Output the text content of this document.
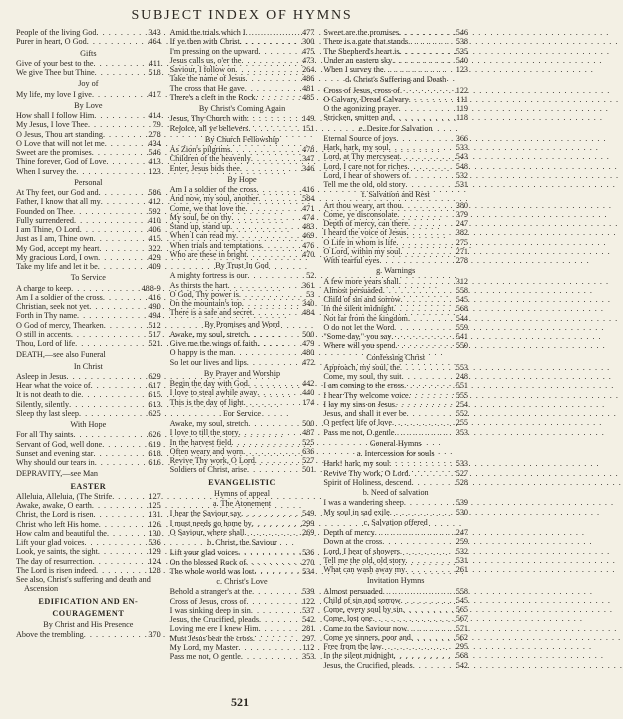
SUBJECT INDEX OF HYMNS
People of the living God . . .	343
Purer in heart, O God . . .	464
Gifts
Give of your best to the . . .	411
We give Thee but Thine . . .	518
Joy of
My life, my love I give . . .	417
By Love
How shall I follow Him . . .	414
My Jesus, I love Thee . . .	79
O Jesus, Thou art standing . . .	278
O Love that will not let me . . .	434
Sweet are the promises . . .	546
Thine forever, God of Love . . .	413
When I survey the . . .	123
Personal
At Thy feet, our God and . . .	586
Father, I know that all my . . .	412
Founded on Thee . . .	592
Fully surrendered . . .	410
I am Thine, O Lord . . .	406
Just as I am, Thine own . . .	415
My God, accept my heart . . .	322
My gracious Lord, I own . . .	429
Take my life and let it be . . .	409
To Service
A charge to keep . . .	488-9
Am I a soldier of the cross . . .	416
Christian, seek not yet . . .	490
Forth in Thy name . . .	494
O God of mercy, Thearken . . .	512
O still in accents . . .	517
Thou, Lord of life . . .	521
DEATH,—see also Funeral
In Christ
Asleep in Jesus . . .	629
Hear what the voice of . . .	617
It is not death to die . . .	615
Silently, silently . . .	613
Sleep thy last sleep . . .	625
With Hope
For all Thy saints . . .	626
Servant of God, well done . . .	619
Sunset and evening star . . .	618
Why should our tears in . . .	616
DEPRAVITY,—see Man
EASTER
Alleluia, Alleluia, (The Strife . . .	127
Awake, awake, O earth . . .	125
Christ, the Lord is risen . . .	131
Christ who left His home . . .	126
How calm and beautiful the . . .	130
Lift your glad voices . . .	536
Look, ye saints, the sight . . .	129
The day of resurrection . . .	124
The Lord is risen indeed . . .	128
See also, Christ's suffering and death and Ascension
EDIFICATION AND EN-
COURAGEMENT
By Christ and His Presence
Above the trembling . . .	370
Amid the trials which I . . .	477
If ye then with Christ . . .	300
I'm pressing on the upward . . .	475
Jesus calls us, o'er the . . .	473
Saviour, I follow on . . .	264
Take the name of Jesus . . .	486
The cross that He gave . . .	481
There's a cleft in the Rock . . .	485
By Christ's Coming Again
Jesus, Thy Church with . . .	149
Rejoice, all ye believers . . .	151
By Church Fellowship
As Zion's pilgrims . . .	478
Children of the heavenly . . .	347
Enter, Jesus bids thee . . .	346
By Hope
Am I a soldier of the cross . . .	416
And now, my soul, another . . .	584
Come, we that love the . . .	471
My soul, be on thy . . .	474
Stand up, stand up . . .	483
When I can read my . . .	469
When trials and temptations . . .	476
Who are these in bright . . .	470
By Trust In God
A mighty fortress is our . . .	52
As thirsts the hart . . .	361
O God, Thy power is . . .	53
On the mountain's top . . .	340
There is a safe and secret . . .	484
By Promises and Word
Awake, my soul, stretch . . .	500
Give me the wings of faith . . .	479
O happy is the man . . .	480
So let our lives and lips . . .	472
By Prayer and Worship
Begin the day with God . . .	442
I love to steal awhile away . . .	440
This is the day of light . . .	174
For Service
Awake, my soul, stretch . . .	500
I love to till the story . . .	487
In the harvest field . . .	525
Often weary and worn . . .	636
Revive Thy work, O Lord . . .	527
Soldiers of Christ, arise . . .	501
EVANGELISTIC
Hymns of appeal
a. The Atonement
I hear the Saviour say . . .	549
I must needs go home by . . .	299
O Saviour, where shall . . .	269
b. Christ, the Saviour
Lift your glad voices . . .	536
On the blessed Rock of . . .	270
The whole world was lost . . .	534
c. Christ's Love
Behold a stranger's at the . . .	539
Cross of Jesus, cross of . . .	122
I was sinking deep in sin . . .	537
Jesus, the Crucified, pleads . . .	542
Loving me ere I knew Him . . .	281
Must Jesus bear the cross . . .	297
My Lord, my Master . . .	112
Pass me not, O gentle . . .	353
Sweet are the promises . . .	546
There is a gate that stands . . .	538
The Shepherd's heart is . . .	535
Under an eastern sky . . .	540
When I survey the . . .	123
d. Christ's Suffering and Death
Cross of Jesus, cross of . . .	122
O Calvary, Dread Calvary . . .	111
O the agonizing prayer . . .	119
Stricken, smitten and . . .	118
e. Desire for Salvation
Eternal Source of joys . . .	366
Hark, hark, my soul . . .	533
Lord, at Thy mercyseat . . .	543
Lord, I care not for riches . . .	548
Lord, I hear of showers of . . .	532
Tell me the old, old story . . .	531
f. Salvation and Rest
Art thou weary, art thou . . .	380
Come, ye disconsolate . . .	379
Depth of mercy, can there . . .	247
I heard the voice of Jesus . . .	382
O Life in whom is life . . .	275
O Lord, within my soul . . .	271
With tearful eyes . . .	278
g. Warnings
A few more years shall . . .	312
Almost persuaded . . .	558
Child of sin and sorrow . . .	545
In the silent midnight . . .	568
Not far from the kingdom . . .	544
O do not let the Word . . .	559
"Some day," you say . . .	541
Where will you spend . . .	550
Confessing Christ
Approach, my soul, the . . .	553
Come, my soul, thy suit . . .	248
I am coming to the cross . . .	551
I hear Thy welcome voice . . .	555
I lay my sins on Jesus . . .	254
Jesus, and shall it ever be . . .	552
O perfect life of love . . .	255
Pass me not, O gentle . . .	353
General Hymns
a. Intercession for souls
Hark! hark, my soul . . .	533
Revive Thy work, O Lord . . .	527
Spirit of Holiness, descend . . .	528
b. Need of salvation
I was a wandering sheep . . .	539
My soul in sad exile . . .	530
c. Salvation offered
Depth of mercy . . .	247
Down at the cross . . .	259
Lord, I hear of showers . . .	532
Tell me the old, old story . . .	531
What can wash away my . . .	261
Invitation Hymns
Almost persuaded . . .	558
Child of sin and sorrow . . .	545
Come, every soul by sin . . .	565
Come, lost one . . .	567
Come to the Saviour now . . .	571
Come ye sinners, poor and . . .	562
Free from the law . . .	295
In the silent midnight . . .	568
Jesus, the Crucified, pleads . . .	542
521
